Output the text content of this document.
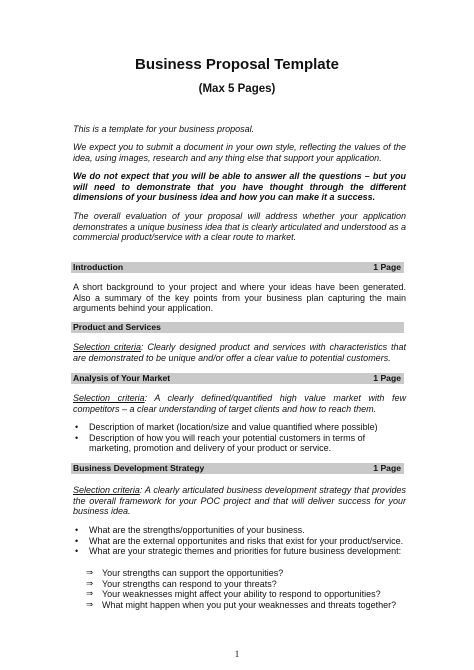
Business Proposal Template
(Max 5 Pages)
This is a template for your business proposal.
We expect you to submit a document in your own style, reflecting the values of the idea, using images, research and any thing else that support your application.
We do not expect that you will be able to answer all the questions – but you will need to demonstrate that you have thought through the different dimensions of your business idea and how you can make it a success.
The overall evaluation of your proposal will address whether your application demonstrates a unique business idea that is clearly articulated and understood as a commercial product/service with a clear route to market.
Introduction	1 Page
A short background to your project and where your ideas have been generated. Also a summary of the key points from your business plan capturing the main arguments behind your application.
Product and Services
Selection criteria: Clearly designed product and services with characteristics that are demonstrated to be unique and/or offer a clear value to potential customers.
Analysis of Your Market	1 Page
Selection criteria: A clearly defined/quantified high value market with few competitors – a clear understanding of target clients and how to reach them.
• Description of market (location/size and value quantified where possible)
• Description of how you will reach your potential customers in terms of marketing, promotion and delivery of your product or service.
Business Development Strategy	1 Page
Selection criteria: A clearly articulated business development strategy that provides the overall framework for your POC project and that will deliver success for your business idea.
• What are the strengths/opportunities of your business.
• What are the external opportunites and risks that exist for your product/service.
• What are your strategic themes and priorities for future business development:
⇒ Your strengths can support the opportunities?
⇒ Your strengths can respond to your threats?
⇒ Your weaknesses might affect your ability to respond to opportunities?
⇒ What might happen when you put your weaknesses and threats together?
1
